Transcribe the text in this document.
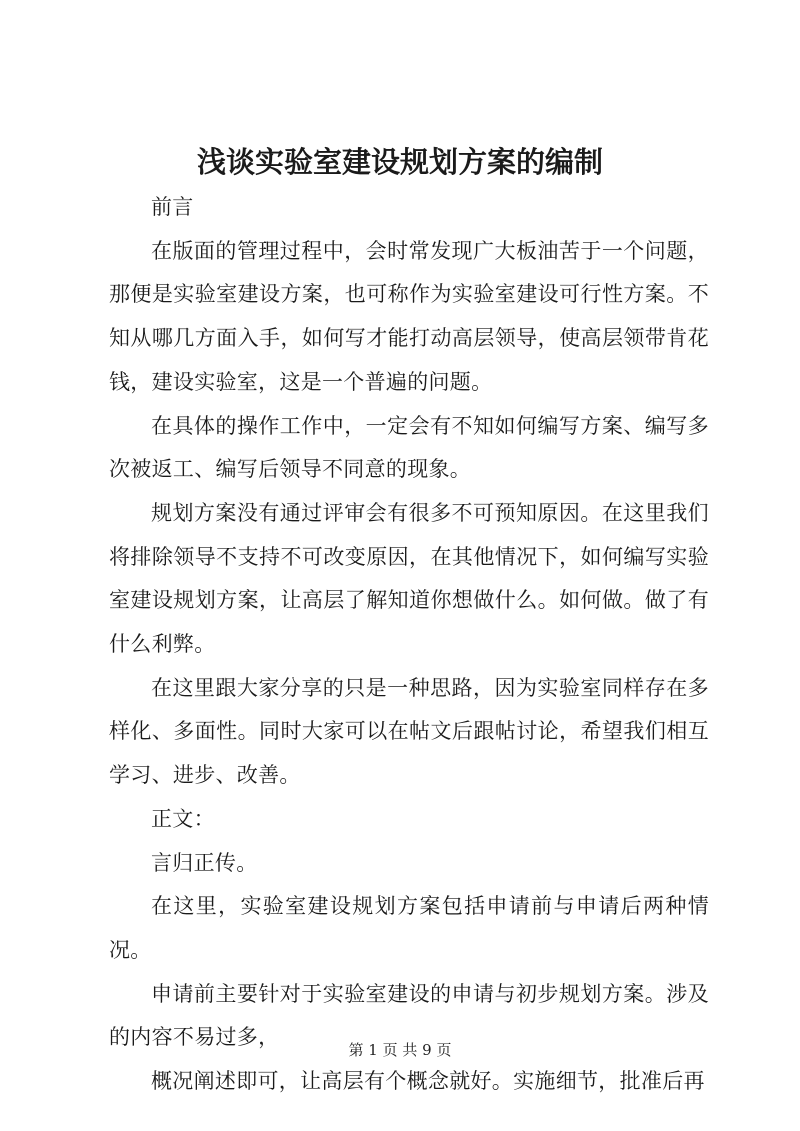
浅谈实验室建设规划方案的编制

前言

在版面的管理过程中，会时常发现广大板油苦于一个问题，那便是实验室建设方案，也可称作为实验室建设可行性方案。不知从哪几方面入手，如何写才能打动高层领导，使高层领带肯花钱，建设实验室，这是一个普遍的问题。

在具体的操作工作中，一定会有不知如何编写方案、编写多次被返工、编写后领导不同意的现象。

规划方案没有通过评审会有很多不可预知原因。在这里我们将排除领导不支持不可改变原因，在其他情况下，如何编写实验室建设规划方案，让高层了解知道你想做什么。如何做。做了有什么利弊。

在这里跟大家分享的只是一种思路，因为实验室同样存在多样化、多面性。同时大家可以在帖文后跟帖讨论，希望我们相互学习、进步、改善。

正文：

言归正传。

在这里，实验室建设规划方案包括申请前与申请后两种情况。

申请前主要针对于实验室建设的申请与初步规划方案。涉及的内容不易过多，

概况阐述即可，让高层有个概念就好。实施细节，批准后再

第 1 页 共 9 页
